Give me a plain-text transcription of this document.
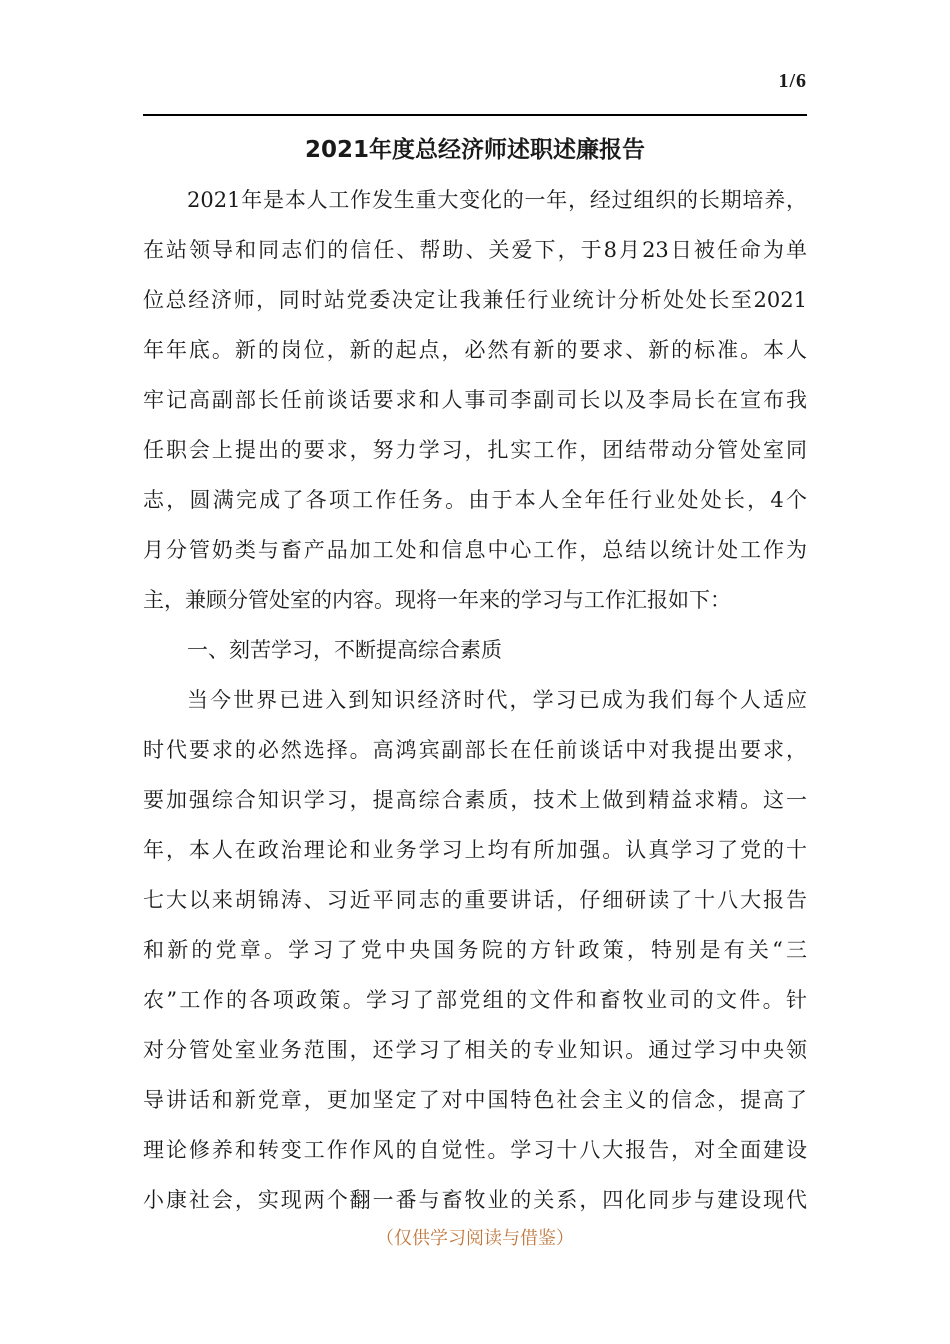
1/6
2021年度总经济师述职述廉报告
2021年是本人工作发生重大变化的一年，经过组织的长期培养，
在站领导和同志们的信任、帮助、关爱下，于8月23日被任命为单
位总经济师，同时站党委决定让我兼任行业统计分析处处长至2021
年年底。新的岗位，新的起点，必然有新的要求、新的标准。本人
牢记高副部长任前谈话要求和人事司李副司长以及李局长在宣布我
任职会上提出的要求，努力学习，扎实工作，团结带动分管处室同
志，圆满完成了各项工作任务。由于本人全年任行业处处长，4个
月分管奶类与畜产品加工处和信息中心工作，总结以统计处工作为
主，兼顾分管处室的内容。现将一年来的学习与工作汇报如下：
一、刻苦学习，不断提高综合素质
当今世界已进入到知识经济时代，学习已成为我们每个人适应
时代要求的必然选择。高鸿宾副部长在任前谈话中对我提出要求，
要加强综合知识学习，提高综合素质，技术上做到精益求精。这一
年，本人在政治理论和业务学习上均有所加强。认真学习了党的十
七大以来胡锦涛、习近平同志的重要讲话，仔细研读了十八大报告
和新的党章。学习了党中央国务院的方针政策，特别是有关“三
农”工作的各项政策。学习了部党组的文件和畜牧业司的文件。针
对分管处室业务范围，还学习了相关的专业知识。通过学习中央领
导讲话和新党章，更加坚定了对中国特色社会主义的信念，提高了
理论修养和转变工作作风的自觉性。学习十八大报告，对全面建设
小康社会，实现两个翻一番与畜牧业的关系，四化同步与建设现代
（仅供学习阅读与借鉴）
